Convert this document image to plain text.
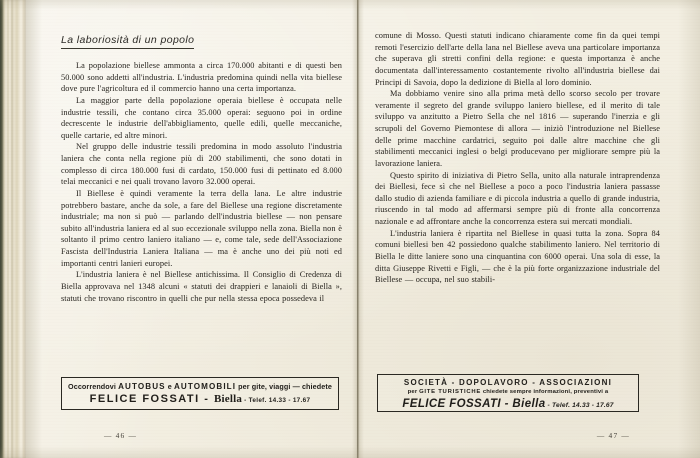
La laboriosità di un popolo

La popolazione biellese ammonta a circa 170.000 abitanti e di questi ben 50.000 sono addetti all'industria. L'industria predomina quindi nella vita biellese dove pure l'agricoltura ed il commercio hanno una certa importanza.

La maggior parte della popolazione operaia biellese è occupata nelle industrie tessili, che contano circa 35.000 operai: seguono poi in ordine decrescente le industrie dell'abbigliamento, quelle edili, quelle meccaniche, quelle cartarie, ed altre minori.

Nel gruppo delle industrie tessili predomina in modo assoluto l'industria laniera che conta nella regione più di 200 stabilimenti, che sono dotati in complesso di circa 180.000 fusi di cardato, 150.000 fusi di pettinato ed 8.000 telai meccanici e nei quali trovano lavoro 32.000 operai.

Il Biellese è quindi veramente la terra della lana. Le altre industrie potrebbero bastare, anche da sole, a fare del Biellese una regione discretamente industriale; ma non si può — parlando dell'industria biellese — non pensare subito all'industria laniera ed al suo eccezionale sviluppo nella zona. Biella non è soltanto il primo centro laniero italiano — e, come tale, sede dell'Associazione Fascista dell'Industria Laniera Italiana — ma è anche uno dei più noti ed importanti centri lanieri europei.

L'industria laniera è nel Biellese antichissima. Il Consiglio di Credenza di Biella approvava nel 1348 alcuni « statuti dei drappieri e lanaioli di Biella », statuti che trovano riscontro in quelli che pur nella stessa epoca possedeva il

— 46 —
Occorrendovi AUTOBUS e AUTOMOBILI per gite, viaggi — chiedete
FELICE FOSSATI - Biella - Telef. 14.33 - 17.67

comune di Mosso. Questi statuti indicano chiaramente come fin da quei tempi remoti l'esercizio dell'arte della lana nel Biellese aveva una particolare importanza che superava gli stretti confini della regione: e questa importanza è anche documentata dall'interessamento costantemente rivolto all'industria biellese dai Principi di Savoia, dopo la dedizione di Biella al loro dominio.

Ma dobbiamo venire sino alla prima metà dello scorso secolo per trovare veramente il segreto del grande sviluppo laniero biellese, ed il merito di tale sviluppo va anzitutto a Pietro Sella che nel 1816 — superando l'inerzia e gli scrupoli del Governo Piemontese di allora — iniziò l'introduzione nel Biellese delle prime macchine cardatrici, seguito poi dalle altre macchine che gli stabilimenti meccanici inglesi o belgi producevano per migliorare sempre più la lavorazione laniera.

Questo spirito di iniziativa di Pietro Sella, unito alla naturale intraprendenza dei Biellesi, fece sì che nel Biellese a poco a poco l'industria laniera passasse dallo studio di azienda familiare e di piccola industria a quello di grande industria, riuscendo in tal modo ad affermarsi sempre più di fronte alla concorrenza nazionale e ad affrontare anche la concorrenza estera sui mercati mondiali.

L'industria laniera è ripartita nel Biellese in quasi tutta la zona. Sopra 84 comuni biellesi ben 42 possiedono qualche stabilimento laniero. Nel territorio di Biella le ditte laniere sono una cinquantina con 6000 operai. Una sola di esse, la ditta Giuseppe Rivetti e Figli, — che è la più forte organizzazione industriale del Biellese — occupa, nel suo stabili-

— 47 —
SOCIETÀ - DOPOLAVORO - ASSOCIAZIONI
per GITE TURISTICHE chiedete sempre informazioni, preventivi a
FELICE FOSSATI - Biella - Telef. 14.33 - 17.67
